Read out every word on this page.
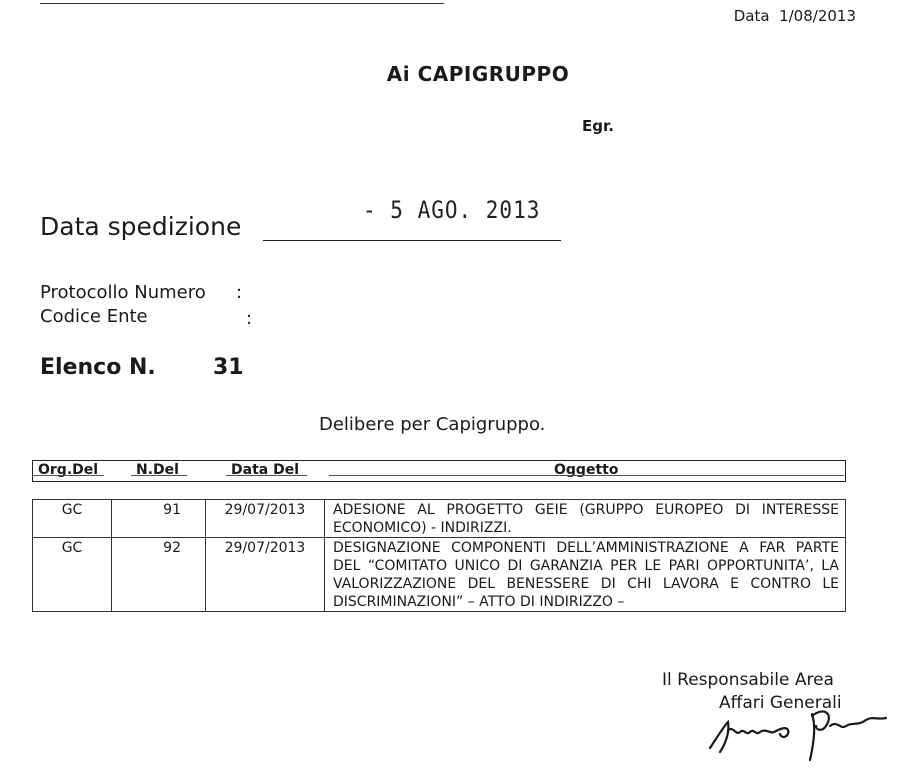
Data 1/08/2013
Ai CAPIGRUPPO
Egr.
Data spedizione
- 5 AGO. 2013
Protocollo Numero :
Codice Ente	:
Elenco N.	31
Delibere per Capigruppo.
Org.Del	N.Del	Data Del	Oggetto
GC	91	29/07/2013	ADESIONE AL PROGETTO GEIE (GRUPPO EUROPEO DI INTERESSE ECONOMICO) - INDIRIZZI.
GC	92	29/07/2013	DESIGNAZIONE COMPONENTI DELL’AMMINISTRAZIONE A FAR PARTE DEL “COMITATO UNICO DI GARANZIA PER LE PARI OPPORTUNITA’, LA VALORIZZAZIONE DEL BENESSERE DI CHI LAVORA E CONTRO LE DISCRIMINAZIONI” – ATTO DI INDIRIZZO –
Il Responsabile Area
Affari Generali
